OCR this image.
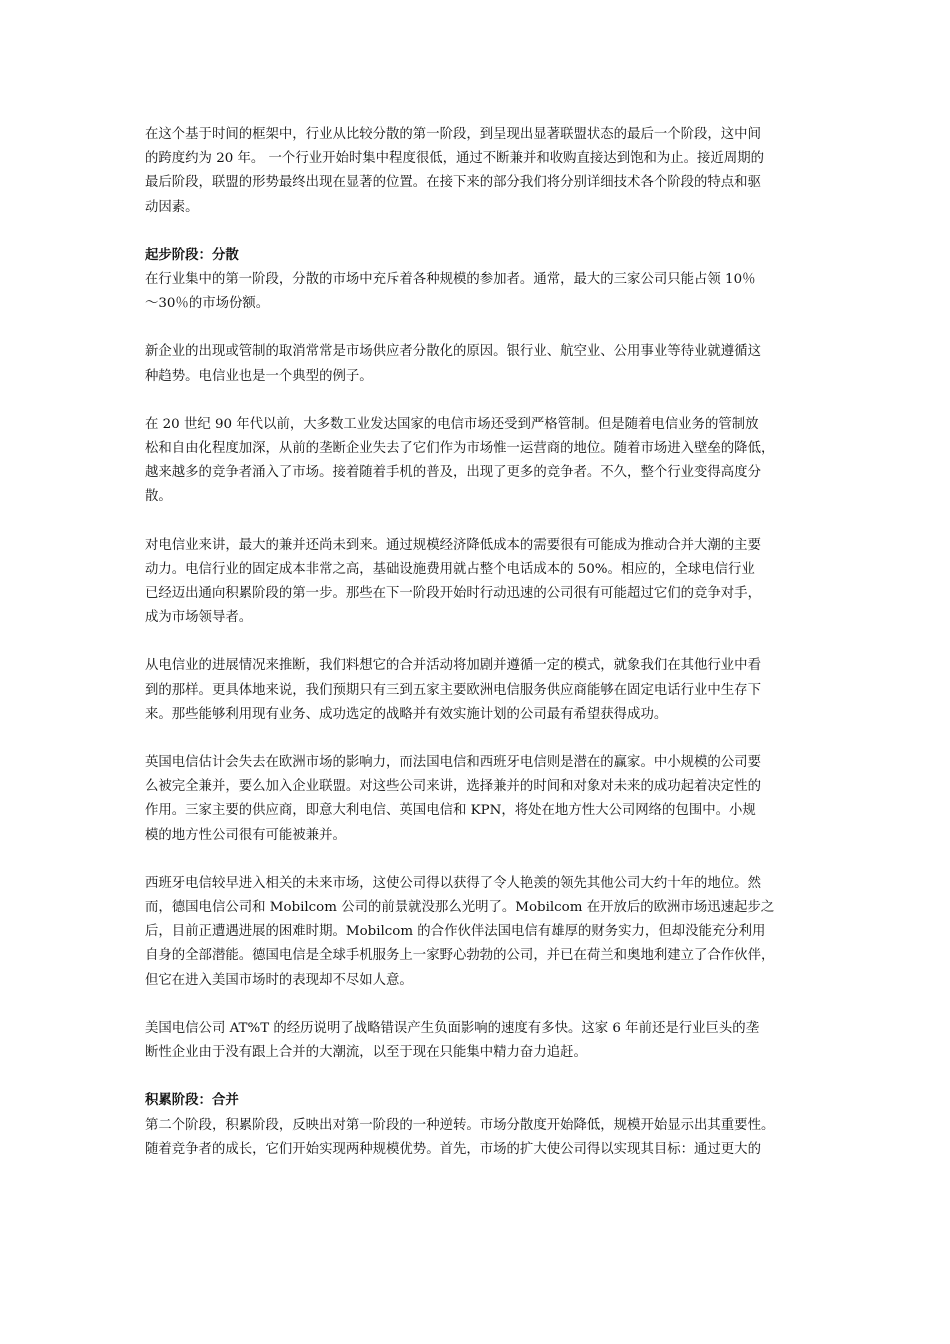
在这个基于时间的框架中，行业从比较分散的第一阶段，到呈现出显著联盟状态的最后一个阶段，这中间
的跨度约为 20 年。 一个行业开始时集中程度很低，通过不断兼并和收购直接达到饱和为止。接近周期的
最后阶段，联盟的形势最终出现在显著的位置。在接下来的部分我们将分别详细技术各个阶段的特点和驱
动因素。
起步阶段：分散
在行业集中的第一阶段，分散的市场中充斥着各种规模的参加者。通常，最大的三家公司只能占领 10％
～30％的市场份额。
新企业的出现或管制的取消常常是市场供应者分散化的原因。银行业、航空业、公用事业等待业就遵循这
种趋势。电信业也是一个典型的例子。
在 20 世纪 90 年代以前，大多数工业发达国家的电信市场还受到严格管制。但是随着电信业务的管制放
松和自由化程度加深，从前的垄断企业失去了它们作为市场惟一运营商的地位。随着市场进入壁垒的降低，
越来越多的竞争者涌入了市场。接着随着手机的普及，出现了更多的竞争者。不久，整个行业变得高度分
散。
对电信业来讲，最大的兼并还尚未到来。通过规模经济降低成本的需要很有可能成为推动合并大潮的主要
动力。电信行业的固定成本非常之高，基础设施费用就占整个电话成本的 50%。相应的，全球电信行业
已经迈出通向积累阶段的第一步。那些在下一阶段开始时行动迅速的公司很有可能超过它们的竞争对手，
成为市场领导者。
从电信业的进展情况来推断，我们料想它的合并活动将加剧并遵循一定的模式，就象我们在其他行业中看
到的那样。更具体地来说，我们预期只有三到五家主要欧洲电信服务供应商能够在固定电话行业中生存下
来。那些能够利用现有业务、成功选定的战略并有效实施计划的公司最有希望获得成功。
英国电信估计会失去在欧洲市场的影响力，而法国电信和西班牙电信则是潜在的赢家。中小规模的公司要
么被完全兼并，要么加入企业联盟。对这些公司来讲，选择兼并的时间和对象对未来的成功起着决定性的
作用。三家主要的供应商，即意大利电信、英国电信和 KPN，将处在地方性大公司网络的包围中。小规
模的地方性公司很有可能被兼并。
西班牙电信较早进入相关的未来市场，这使公司得以获得了令人艳羡的领先其他公司大约十年的地位。然
而，德国电信公司和 Mobilcom 公司的前景就没那么光明了。Mobilcom 在开放后的欧洲市场迅速起步之
后，目前正遭遇进展的困难时期。Mobilcom 的合作伙伴法国电信有雄厚的财务实力，但却没能充分利用
自身的全部潜能。德国电信是全球手机服务上一家野心勃勃的公司，并已在荷兰和奥地利建立了合作伙伴，
但它在进入美国市场时的表现却不尽如人意。
美国电信公司 AT%T 的经历说明了战略错误产生负面影响的速度有多快。这家 6 年前还是行业巨头的垄
断性企业由于没有跟上合并的大潮流，以至于现在只能集中精力奋力追赶。
积累阶段：合并
第二个阶段，积累阶段，反映出对第一阶段的一种逆转。市场分散度开始降低，规模开始显示出其重要性。
随着竞争者的成长，它们开始实现两种规模优势。首先，市场的扩大使公司得以实现其目标：通过更大的
